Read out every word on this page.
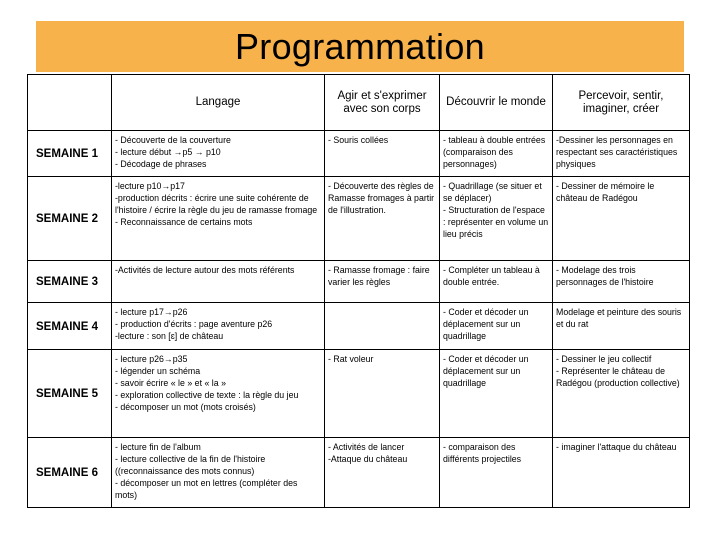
Programmation
	Langage	Agir et s'exprimer avec son corps	Découvrir le monde	Percevoir, sentir, imaginer, créer
SEMAINE 1	- Découverte de la couverture
- lecture début →p5 → p10
- Décodage de phrases	- Souris collées	- tableau à double entrées (comparaison des personnages)	-Dessiner les personnages en respectant ses caractéristiques physiques

SEMAINE 2	-lecture p10→p17
-production décrits : écrire une suite cohérente de l'histoire / écrire la règle du jeu de ramasse fromage
- Reconnaissance de certains mots	- Découverte des règles de Ramasse fromages à partir de l'illustration.	- Quadrillage (se situer et se déplacer)
- Structuration de l'espace : représenter en volume un lieu précis	- Dessiner de mémoire le château de Radégou

SEMAINE 3	-Activités de lecture autour des mots référents	- Ramasse fromage : faire varier les règles	- Compléter un tableau à double entrée.	- Modelage des trois personnages de l'histoire

SEMAINE 4	- lecture p17→p26
- production d'écrits : page aventure p26
-lecture : son [ɛ] de château		- Coder et décoder un déplacement sur un quadrillage	Modelage et peinture des souris et du rat

SEMAINE 5	- lecture p26→p35
- légender un schéma
- savoir écrire « le » et « la »
- exploration collective de texte : la règle du jeu
- décomposer un mot (mots croisés)	- Rat voleur	- Coder et décoder un déplacement sur un quadrillage	- Dessiner le jeu collectif
- Représenter le château de Radégou (production collective)

SEMAINE 6	- lecture fin de l'album
- lecture collective de la fin de l'histoire ((reconnaissance des mots connus)
- décomposer un mot en lettres (compléter des mots)	- Activités de lancer
-Attaque du château	- comparaison des différents projectiles	- imaginer l'attaque du château
